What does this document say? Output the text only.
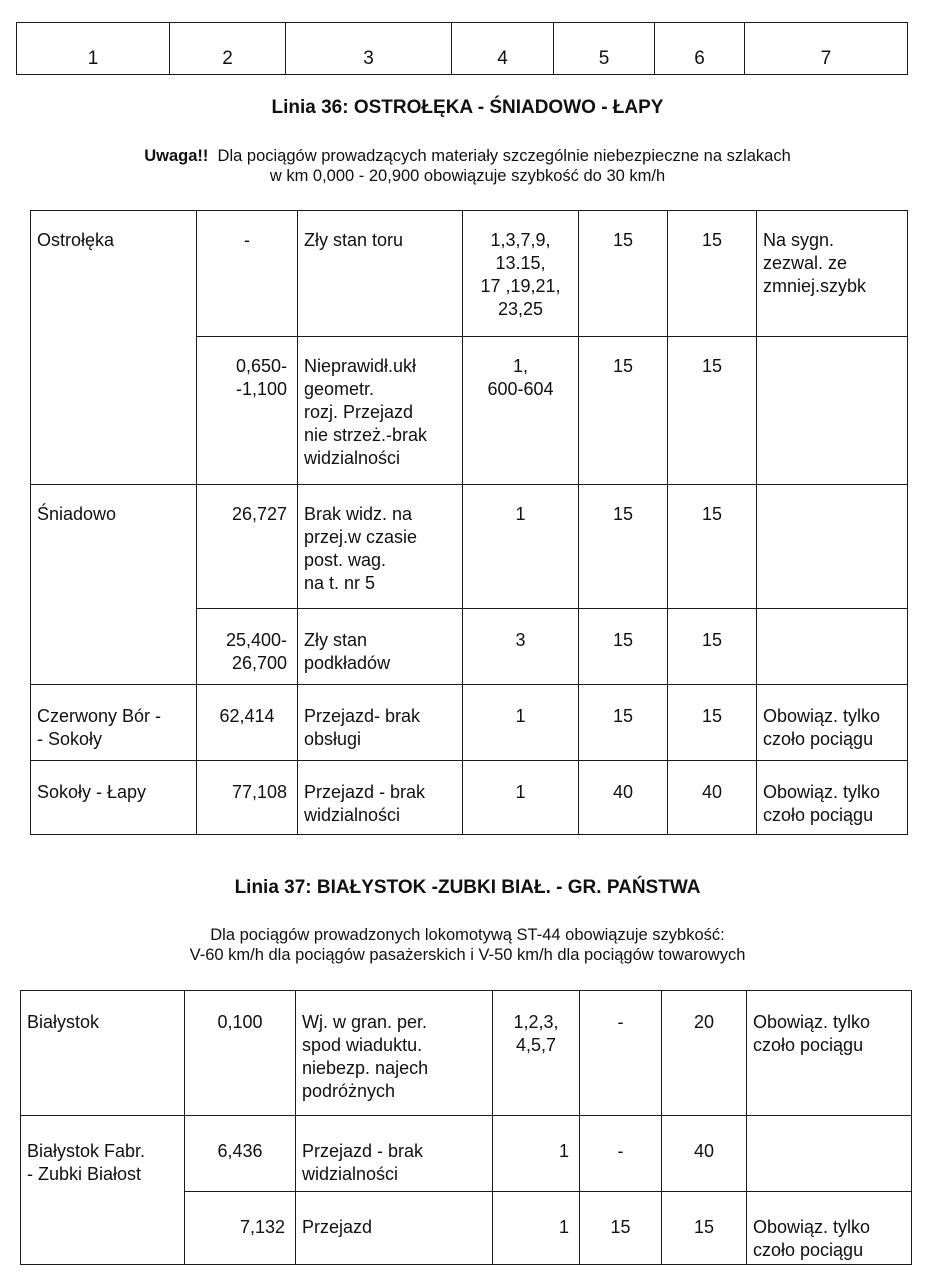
1	2	3	4	5	6	7
Linia 36: OSTROŁĘKA - ŚNIADOWO - ŁAPY
Uwaga!! Dla pociągów prowadzących materiały szczególnie niebezpieczne na szlakach
w km 0,000 - 20,900 obowiązuje szybkość do 30 km/h
Ostrołęka	-	Zły stan toru	1,3,7,9,
13.15,
17 ,19,21,
23,25	15	15	Na sygn.
zezwal. ze
zmniej.szybk
	0,650-
-1,100	Nieprawidł.ukł
geometr.
rozj. Przejazd
nie strzeż.-brak
widzialności	1,
600-604	15	15	
Śniadowo	26,727	Brak widz. na
przej.w czasie
post. wag.
na t. nr 5	1	15	15	
	25,400-
26,700	Zły stan
podkładów	3	15	15	
Czerwony Bór -
- Sokoły	62,414	Przejazd- brak
obsługi	1	15	15	Obowiąz. tylko
czoło pociągu
Sokoły - Łapy	77,108	Przejazd - brak
widzialności	1	40	40	Obowiąz. tylko
czoło pociągu
Linia 37: BIAŁYSTOK -ZUBKI BIAŁ. - GR. PAŃSTWA
Dla pociągów prowadzonych lokomotywą ST-44 obowiązuje szybkość:
V-60 km/h dla pociągów pasażerskich i V-50 km/h dla pociągów towarowych
Białystok	0,100	Wj. w gran. per.
spod wiaduktu.
niebezp. najech
podróżnych	1,2,3,
4,5,7	-	20	Obowiąz. tylko
czoło pociągu
Białystok Fabr.
- Zubki Białost	6,436	Przejazd - brak
widzialności	1	-	40	
	7,132	Przejazd	1	15	15	Obowiąz. tylko
czoło pociągu
